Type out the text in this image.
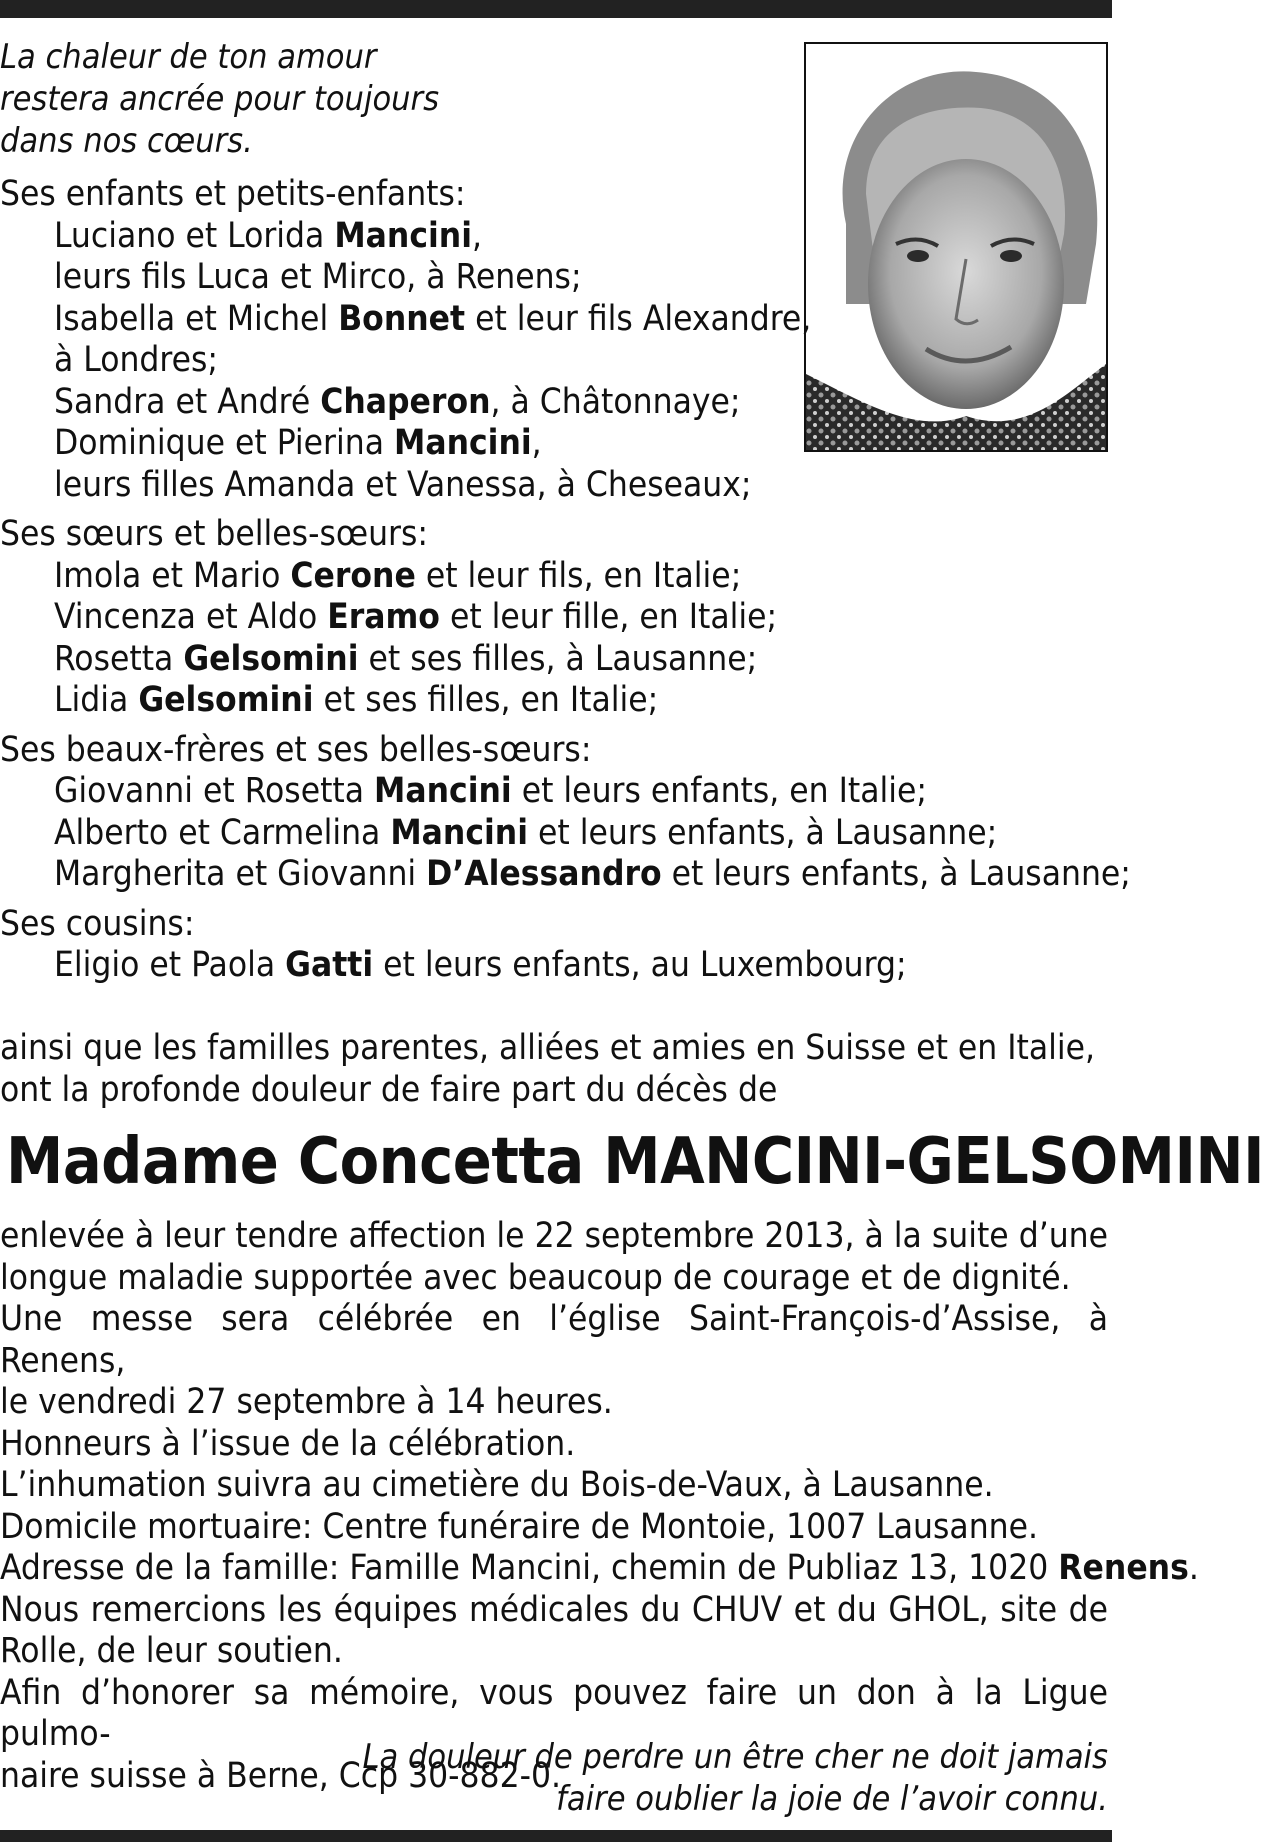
La chaleur de ton amour
restera ancrée pour toujours
dans nos cœurs.
Ses enfants et petits-enfants:
Luciano et Lorida Mancini,
leurs fils Luca et Mirco, à Renens;
Isabella et Michel Bonnet et leur fils Alexandre,
à Londres;
Sandra et André Chaperon, à Châtonnaye;
Dominique et Pierina Mancini,
leurs filles Amanda et Vanessa, à Cheseaux;
Ses sœurs et belles-sœurs:
Imola et Mario Cerone et leur fils, en Italie;
Vincenza et Aldo Eramo et leur fille, en Italie;
Rosetta Gelsomini et ses filles, à Lausanne;
Lidia Gelsomini et ses filles, en Italie;
Ses beaux-frères et ses belles-sœurs:
Giovanni et Rosetta Mancini et leurs enfants, en Italie;
Alberto et Carmelina Mancini et leurs enfants, à Lausanne;
Margherita et Giovanni D’Alessandro et leurs enfants, à Lausanne;
Ses cousins:
Eligio et Paola Gatti et leurs enfants, au Luxembourg;
ainsi que les familles parentes, alliées et amies en Suisse et en Italie,
ont la profonde douleur de faire part du décès de
Madame Concetta MANCINI-GELSOMINI
enlevée à leur tendre affection le 22 septembre 2013, à la suite d’une
longue maladie supportée avec beaucoup de courage et de dignité.
Une messe sera célébrée en l’église Saint-François-d’Assise, à Renens,
le vendredi 27 septembre à 14 heures.
Honneurs à l’issue de la célébration.
L’inhumation suivra au cimetière du Bois-de-Vaux, à Lausanne.
Domicile mortuaire: Centre funéraire de Montoie, 1007 Lausanne.
Adresse de la famille: Famille Mancini, chemin de Publiaz 13, 1020 Renens.
Nous remercions les équipes médicales du CHUV et du GHOL, site de
Rolle, de leur soutien.
Afin d’honorer sa mémoire, vous pouvez faire un don à la Ligue pulmo-
naire suisse à Berne, Ccp 30-882-0.
La douleur de perdre un être cher ne doit jamais
faire oublier la joie de l’avoir connu.
